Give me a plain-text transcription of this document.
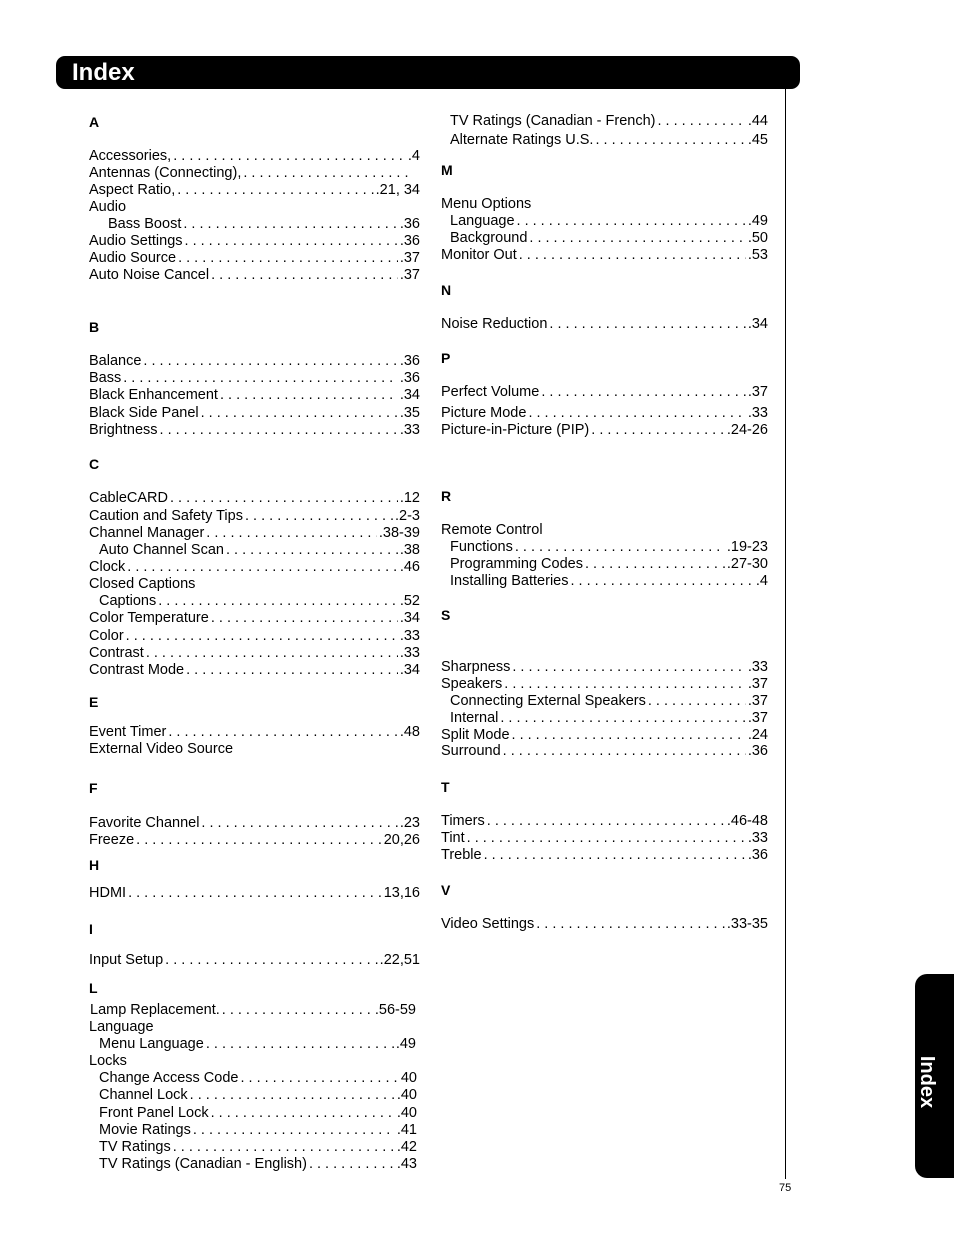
Index
Index
75
A
Accessories, . . .	.4
Antennas (Connecting),
. . .
Aspect Ratio, . . .	.21, 34
Audio
Bass Boost . . .	.36
Audio Settings . . .	.36
Audio Source . . .	.37
Auto Noise Cancel . . .	.37
B
Balance . . .	.36
Bass . . .	.36
Black Enhancement . . .	.34
Black Side Panel . . .	.35
Brightness . . .	.33
C
CableCARD . . .	.12
Caution and Safety Tips . . .	.2-3
Channel Manager . . .	.38-39
Auto Channel Scan . . .	.38
Clock . . .	.46
Closed Captions
Captions . . .	.52
Color Temperature . . .	.34
Color . . .	.33
Contrast . . .	.33
Contrast Mode . . .	.34
E
Event Timer . . .	.48
External Video Source
F
Favorite Channel . . .	.23
Freeze . . .	20,26
H
HDMI . . .	13,16
I
Input Setup . . .	.22,51
L
Lamp Replacement. . . .	.56-59
Language
Menu Language . . .	.49
Locks
Change Access Code . . .	40
Channel Lock . . .	.40
Front Panel Lock . . .	.40
Movie Ratings . . .	.41
TV Ratings . . .	.42
TV Ratings (Canadian - English) . . .	.43
TV Ratings (Canadian - French) . . .	.44
Alternate Ratings U.S. . . .	.45
M
Menu Options
Language . . .	.49
Background . . .	.50
Monitor Out . . .	.53
N
Noise Reduction . . .	.34
P
Perfect Volume . . .	.37
Picture Mode . . .	.33
Picture-in-Picture (PIP) . . .	.24-26
R
Remote Control
Functions . . .	.19-23
Programming Codes . . .	.27-30
Installing Batteries . . .	.4
S
Sharpness . . .	.33
Speakers . . .	.37
Connecting External Speakers . . .	.37
Internal . . .	.37
Split Mode . . .	.24
Surround . . .	.36
T
Timers . . .	.46-48
Tint . . .	.33
Treble . . .	.36
V
Video Settings . . .	.33-35
